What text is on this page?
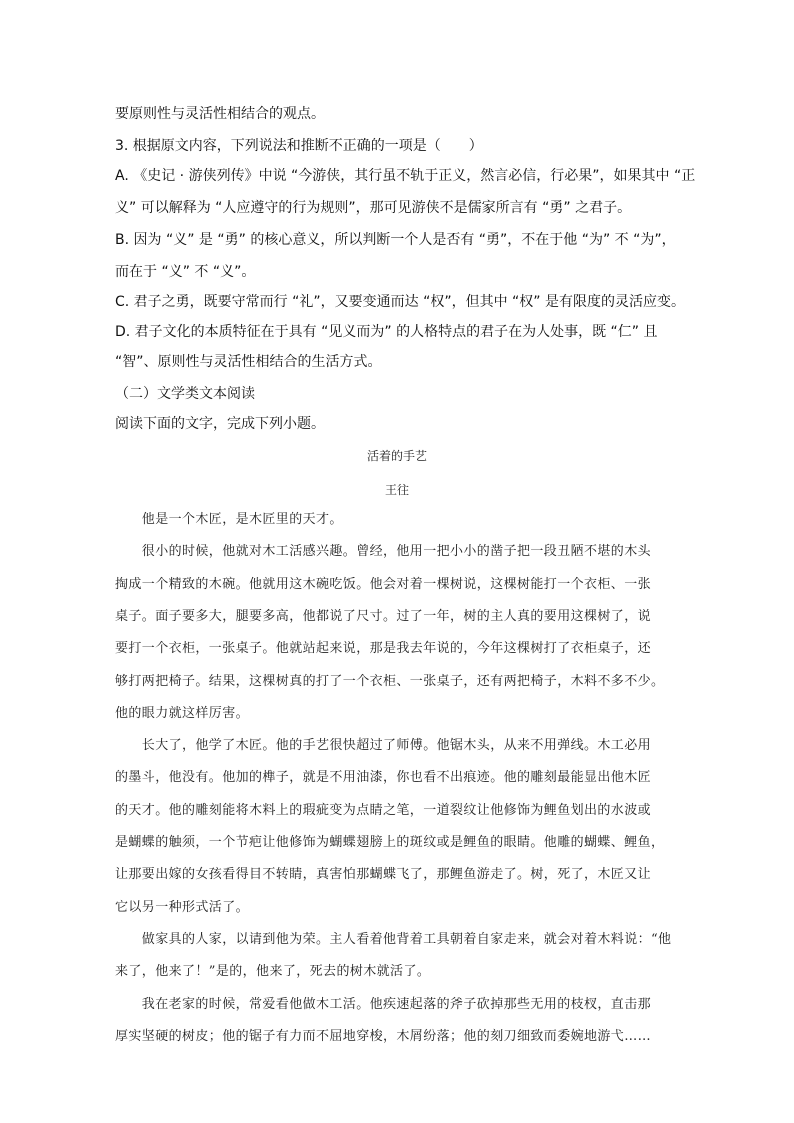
要原则性与灵活性相结合的观点。
3. 根据原文内容，下列说法和推断不正确的一项是（　　）
A. 《史记 · 游侠列传》中说 “今游侠，其行虽不轨于正义，然言必信，行必果”，如果其中 “正
义” 可以解释为 “人应遵守的行为规则”，那可见游侠不是儒家所言有 “勇” 之君子。
B. 因为 “义” 是 “勇” 的核心意义，所以判断一个人是否有 “勇”，不在于他 “为” 不 “为”，
而在于 “义” 不 “义”。
C. 君子之勇，既要守常而行 “礼”，又要变通而达 “权”，但其中 “权” 是有限度的灵活应变。
D. 君子文化的本质特征在于具有 “见义而为” 的人格特点的君子在为人处事，既 “仁” 且
“智”、原则性与灵活性相结合的生活方式。
（二）文学类文本阅读
阅读下面的文字，完成下列小题。
活着的手艺
王往
　　他是一个木匠，是木匠里的天才。
　　很小的时候，他就对木工活感兴趣。曾经，他用一把小小的凿子把一段丑陋不堪的木头
掏成一个精致的木碗。他就用这木碗吃饭。他会对着一棵树说，这棵树能打一个衣柜、一张
桌子。面子要多大，腿要多高，他都说了尺寸。过了一年，树的主人真的要用这棵树了，说
要打一个衣柜，一张桌子。他就站起来说，那是我去年说的，今年这棵树打了衣柜桌子，还
够打两把椅子。结果，这棵树真的打了一个衣柜、一张桌子，还有两把椅子，木料不多不少。
他的眼力就这样厉害。
　　长大了，他学了木匠。他的手艺很快超过了师傅。他锯木头，从来不用弹线。木工必用
的墨斗，他没有。他加的榫子，就是不用油漆，你也看不出痕迹。他的雕刻最能显出他木匠
的天才。他的雕刻能将木料上的瑕疵变为点睛之笔，一道裂纹让他修饰为鲤鱼划出的水波或
是蝴蝶的触须，一个节疤让他修饰为蝴蝶翅膀上的斑纹或是鲤鱼的眼睛。他雕的蝴蝶、鲤鱼，
让那要出嫁的女孩看得目不转睛，真害怕那蝴蝶飞了，那鲤鱼游走了。树，死了，木匠又让
它以另一种形式活了。
　　做家具的人家，以请到他为荣。主人看着他背着工具朝着自家走来，就会对着木料说：“他
来了，他来了！”是的，他来了，死去的树木就活了。
　　我在老家的时候，常爱看他做木工活。他疾速起落的斧子砍掉那些无用的枝杈，直击那
厚实坚硬的树皮；他的锯子有力而不屈地穿梭，木屑纷落；他的刻刀细致而委婉地游弋……
